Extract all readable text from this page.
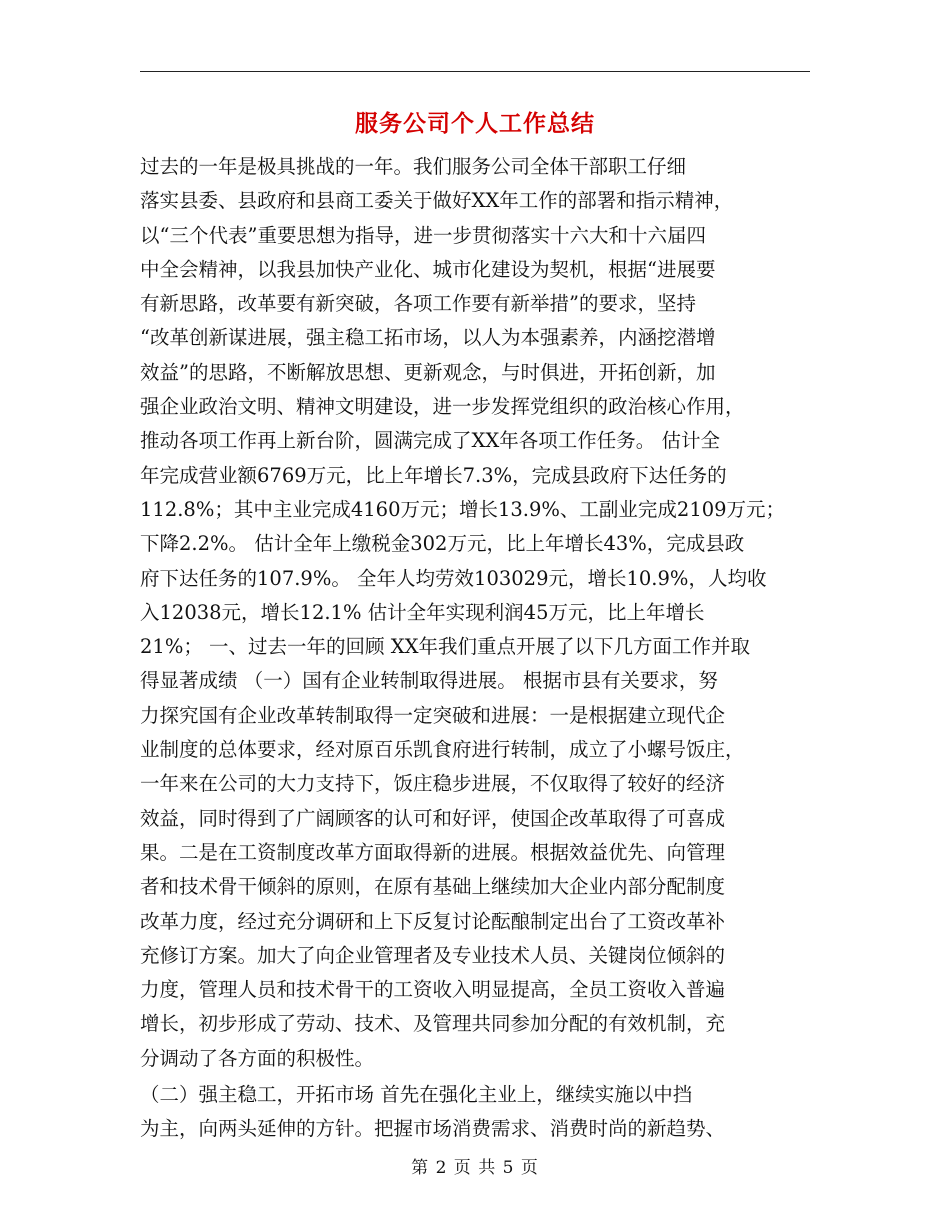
服务公司个人工作总结
过去的一年是极具挑战的一年。我们服务公司全体干部职工仔细
落实县委、县政府和县商工委关于做好XX年工作的部署和指示精神，
以“三个代表”重要思想为指导，进一步贯彻落实十六大和十六届四
中全会精神，以我县加快产业化、城市化建设为契机，根据“进展要
有新思路，改革要有新突破，各项工作要有新举措”的要求，坚持
“改革创新谋进展，强主稳工拓市场，以人为本强素养，内涵挖潜增
效益”的思路，不断解放思想、更新观念，与时俱进，开拓创新，加
强企业政治文明、精神文明建设，进一步发挥党组织的政治核心作用，
推动各项工作再上新台阶，圆满完成了XX年各项工作任务。 估计全
年完成营业额6769万元，比上年增长7.3%，完成县政府下达任务的
112.8%；其中主业完成4160万元；增长13.9%、工副业完成2109万元；
下降2.2%。 估计全年上缴税金302万元，比上年增长43%，完成县政
府下达任务的107.9%。 全年人均劳效103029元，增长10.9%，人均收
入12038元，增长12.1% 估计全年实现利润45万元，比上年增长
21%； 一、过去一年的回顾 XX年我们重点开展了以下几方面工作并取
得显著成绩 （一）国有企业转制取得进展。 根据市县有关要求，努
力探究国有企业改革转制取得一定突破和进展：一是根据建立现代企
业制度的总体要求，经对原百乐凯食府进行转制，成立了小螺号饭庄，
一年来在公司的大力支持下，饭庄稳步进展，不仅取得了较好的经济
效益，同时得到了广阔顾客的认可和好评，使国企改革取得了可喜成
果。二是在工资制度改革方面取得新的进展。根据效益优先、向管理
者和技术骨干倾斜的原则，在原有基础上继续加大企业内部分配制度
改革力度，经过充分调研和上下反复讨论酝酿制定出台了工资改革补
充修订方案。加大了向企业管理者及专业技术人员、关键岗位倾斜的
力度，管理人员和技术骨干的工资收入明显提高，全员工资收入普遍
增长，初步形成了劳动、技术、及管理共同参加分配的有效机制，充
分调动了各方面的积极性。
（二）强主稳工，开拓市场 首先在强化主业上，继续实施以中挡
为主，向两头延伸的方针。把握市场消费需求、消费时尚的新趋势、
第 2 页 共 5 页
